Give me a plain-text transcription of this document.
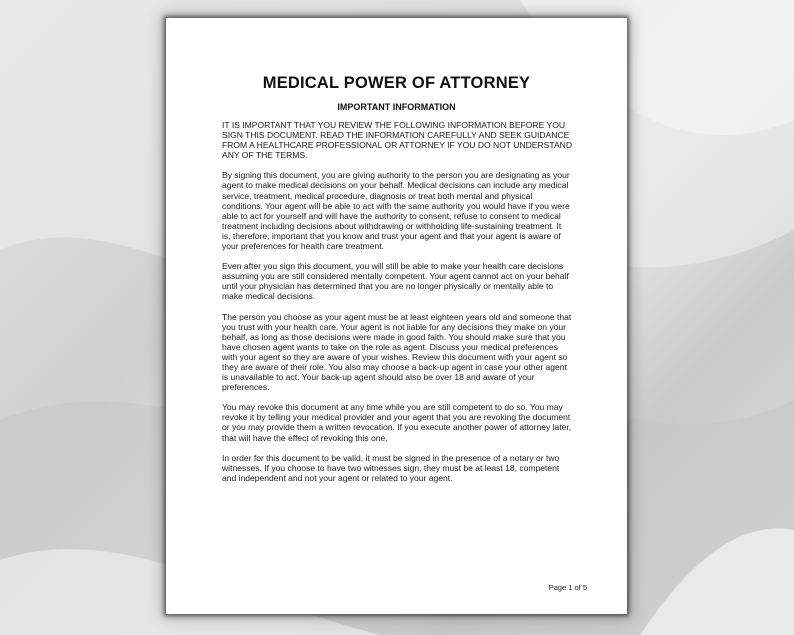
MEDICAL POWER OF ATTORNEY
IMPORTANT INFORMATION

IT IS IMPORTANT THAT YOU REVIEW THE FOLLOWING INFORMATION BEFORE YOU SIGN THIS DOCUMENT. READ THE INFORMATION CAREFULLY AND SEEK GUIDANCE FROM A HEALTHCARE PROFESSIONAL OR ATTORNEY IF YOU DO NOT UNDERSTAND ANY OF THE TERMS.

By signing this document, you are giving authority to the person you are designating as your agent to make medical decisions on your behalf. Medical decisions can include any medical service, treatment, medical procedure, diagnosis or treat both mental and physical conditions. Your agent will be able to act with the same authority you would have if you were able to act for yourself and will have the authority to consent, refuse to consent to medical treatment including decisions about withdrawing or withholding life-sustaining treatment. It is, therefore, important that you know and trust your agent and that your agent is aware of your preferences for health care treatment.

Even after you sign this document, you will still be able to make your health care decisions assuming you are still considered mentally competent. Your agent cannot act on your behalf until your physician has determined that you are no longer physically or mentally able to make medical decisions.

The person you choose as your agent must be at least eighteen years old and someone that you trust with your health care. Your agent is not liable for any decisions they make on your behalf, as long as those decisions were made in good faith. You should make sure that you have chosen agent wants to take on the role as agent. Discuss your medical preferences with your agent so they are aware of your wishes. Review this document with your agent so they are aware of their role. You also may choose a back-up agent in case your other agent is unavailable to act. Your back-up agent should also be over 18 and aware of your preferences.

You may revoke this document at any time while you are still competent to do so. You may revoke it by telling your medical provider and your agent that you are revoking the document or you may provide them a written revocation. If you execute another power of attorney later, that will have the effect of revoking this one.

In order for this document to be valid, it must be signed in the presence of a notary or two witnesses. If you choose to have two witnesses sign, they must be at least 18, competent and independent and not your agent or related to your agent.

Page 1 of 5
